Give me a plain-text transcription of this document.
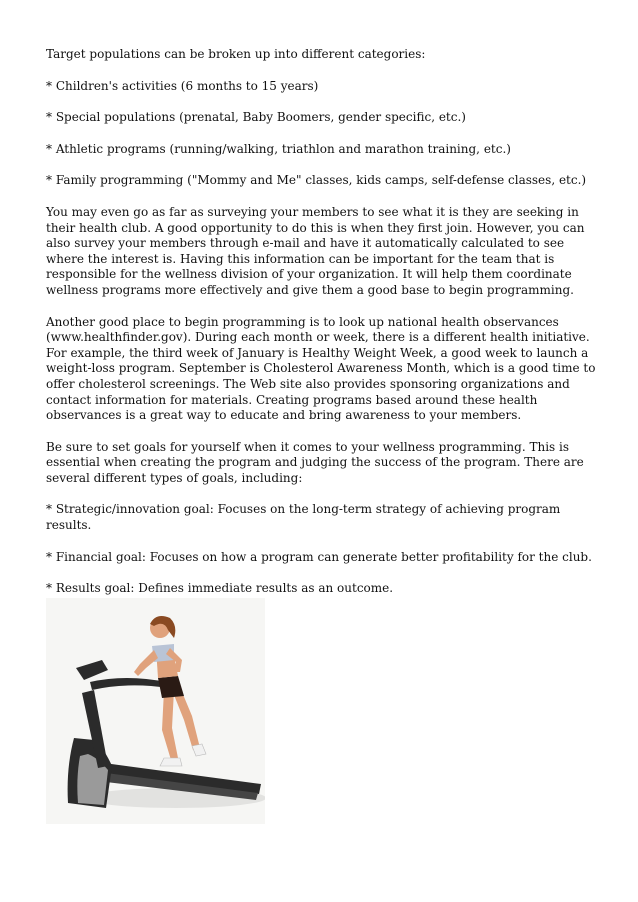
Target populations can be broken up into different categories:

* Children's activities (6 months to 15 years)

* Special populations (prenatal, Baby Boomers, gender specific, etc.)

* Athletic programs (running/walking, triathlon and marathon training, etc.)

* Family programming ("Mommy and Me" classes, kids camps, self-defense classes, etc.)

You may even go as far as surveying your members to see what it is they are seeking in their health club. A good opportunity to do this is when they first join. However, you can also survey your members through e-mail and have it automatically calculated to see where the interest is. Having this information can be important for the team that is responsible for the wellness division of your organization. It will help them coordinate wellness programs more effectively and give them a good base to begin programming.

Another good place to begin programming is to look up national health observances (www.healthfinder.gov). During each month or week, there is a different health initiative. For example, the third week of January is Healthy Weight Week, a good week to launch a weight-loss program. September is Cholesterol Awareness Month, which is a good time to offer cholesterol screenings. The Web site also provides sponsoring organizations and contact information for materials. Creating programs based around these health observances is a great way to educate and bring awareness to your members.

Be sure to set goals for yourself when it comes to your wellness programming. This is essential when creating the program and judging the success of the program. There are several different types of goals, including:

* Strategic/innovation goal: Focuses on the long-term strategy of achieving program results.

* Financial goal: Focuses on how a program can generate better profitability for the club.

* Results goal: Defines immediate results as an outcome.
